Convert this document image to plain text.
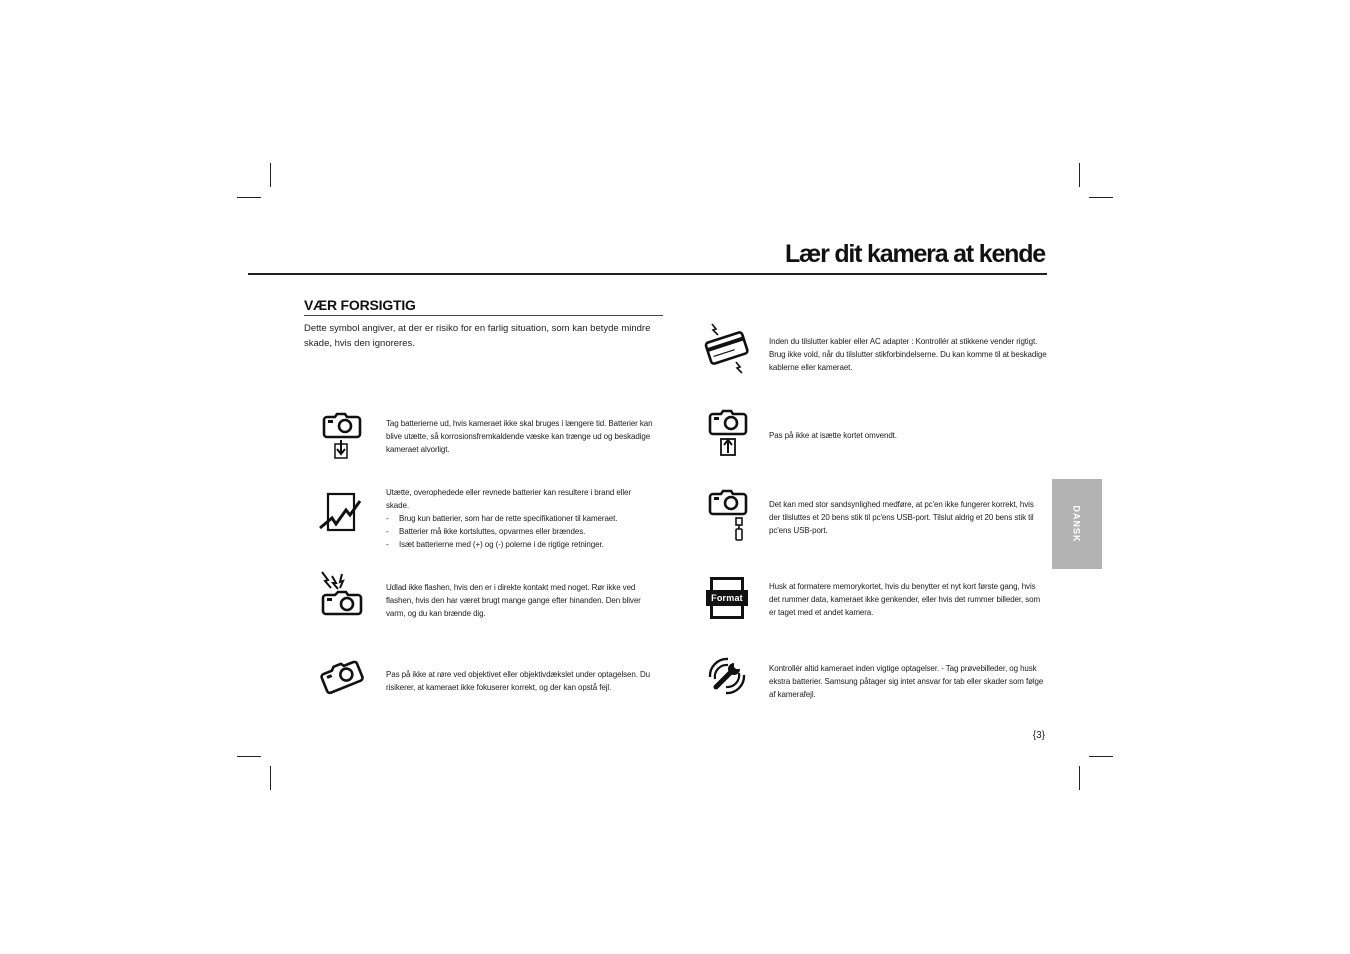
Lær dit kamera at kende
VÆR FORSIGTIG
Dette symbol angiver, at der er risiko for en farlig situation, som kan betyde mindre skade, hvis den ignoreres.
Tag batterierne ud, hvis kameraet ikke skal bruges i længere tid. Batterier kan blive utætte, så korrosionsfremkaldende væske kan trænge ud og beskadige kameraet alvorligt.
Utætte, overophedede eller revnede batterier kan resultere i brand eller skade.
- Brug kun batterier, som har de rette specifikationer til kameraet.
- Batterier må ikke kortsluttes, opvarmes eller brændes.
- Isæt batterierne med (+) og (-) polerne i de rigtige retninger.
Udlad ikke flashen, hvis den er i direkte kontakt med noget. Rør ikke ved flashen, hvis den har været brugt mange gange efter hinanden. Den bliver varm, og du kan brænde dig.
Pas på ikke at røre ved objektivet eller objektivdækslet under optagelsen. Du risikerer, at kameraet ikke fokuserer korrekt, og der kan opstå fejl.
Inden du tilslutter kabler eller AC adapter : Kontrollér at stikkene vender rigtigt. Brug ikke vold, når du tilslutter stikforbindelserne. Du kan komme til at beskadige kablerne eller kameraet.
Pas på ikke at isætte kortet omvendt.
Det kan med stor sandsynlighed medføre, at pc'en ikke fungerer korrekt, hvis der tilsluttes et 20 bens stik til pc'ens USB-port. Tilslut aldrig et 20 bens stik til pc'ens USB-port.
Format
Husk at formatere memorykortet, hvis du benytter et nyt kort første gang, hvis det rummer data, kameraet ikke genkender, eller hvis det rummer billeder, som er taget med et andet kamera.
Kontrollér altid kameraet inden vigtige optagelser. - Tag prøvebilleder, og husk ekstra batterier. Samsung påtager sig intet ansvar for tab eller skader som følge af kamerafejl.
DANSK
{3}
